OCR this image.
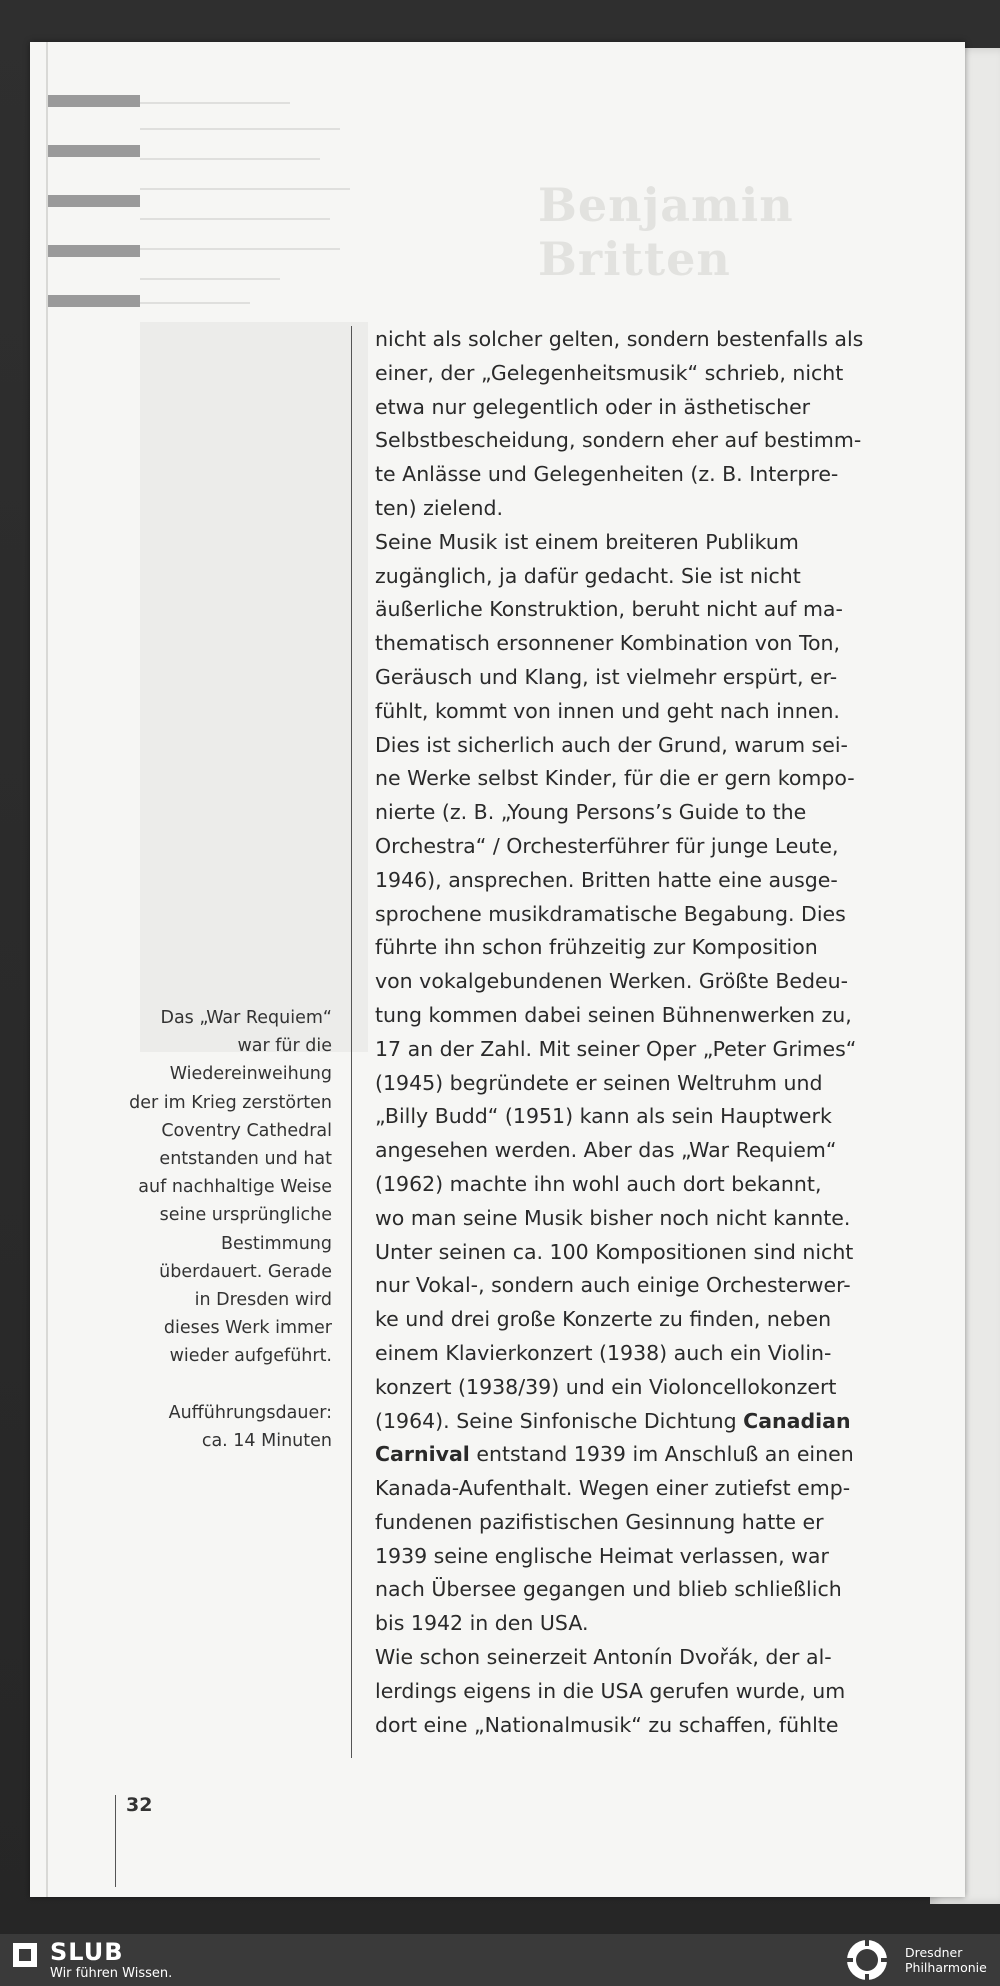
Benjamin Britten

nicht als solcher gelten, sondern bestenfalls als

einer, der „Gelegenheitsmusik“ schrieb, nicht

etwa nur gelegentlich oder in ästhetischer

Selbstbescheidung, sondern eher auf bestimm-

te Anlässe und Gelegenheiten (z. B. Interpre-

ten) zielend.

Seine Musik ist einem breiteren Publikum

zugänglich, ja dafür gedacht. Sie ist nicht

äußerliche Konstruktion, beruht nicht auf ma-

thematisch ersonnener Kombination von Ton,

Geräusch und Klang, ist vielmehr erspürt, er-

fühlt, kommt von innen und geht nach innen.

Dies ist sicherlich auch der Grund, warum sei-

ne Werke selbst Kinder, für die er gern kompo-

nierte (z. B. „Young Persons’s Guide to the

Orchestra“ / Orchesterführer für junge Leute,

1946), ansprechen. Britten hatte eine ausge-

sprochene musikdramatische Begabung. Dies

führte ihn schon frühzeitig zur Komposition

von vokalgebundenen Werken. Größte Bedeu-

tung kommen dabei seinen Bühnenwerken zu,

17 an der Zahl. Mit seiner Oper „Peter Grimes“

(1945) begründete er seinen Weltruhm und

„Billy Budd“ (1951) kann als sein Hauptwerk

angesehen werden. Aber das „War Requiem“

(1962) machte ihn wohl auch dort bekannt,

wo man seine Musik bisher noch nicht kannte.

Unter seinen ca. 100 Kompositionen sind nicht

nur Vokal-, sondern auch einige Orchesterwer-

ke und drei große Konzerte zu finden, neben

einem Klavierkonzert (1938) auch ein Violin-

konzert (1938/39) und ein Violoncellokonzert

(1964). Seine Sinfonische Dichtung Canadian

Carnival entstand 1939 im Anschluß an einen

Kanada-Aufenthalt. Wegen einer zutiefst emp-

fundenen pazifistischen Gesinnung hatte er

1939 seine englische Heimat verlassen, war

nach Übersee gegangen und blieb schließlich

bis 1942 in den USA.

Wie schon seinerzeit Antonín Dvořák, der al-

lerdings eigens in die USA gerufen wurde, um

dort eine „Nationalmusik“ zu schaffen, fühlte

Das „War Requiem“

war für die

Wiedereinweihung

der im Krieg zerstörten

Coventry Cathedral

entstanden und hat

auf nachhaltige Weise

seine ursprüngliche

Bestimmung

überdauert. Gerade

in Dresden wird

dieses Werk immer

wieder aufgeführt.

Aufführungsdauer:

ca. 14 Minuten

32
SLUB
Wir führen Wissen.
Dresdner
Philharmonie
